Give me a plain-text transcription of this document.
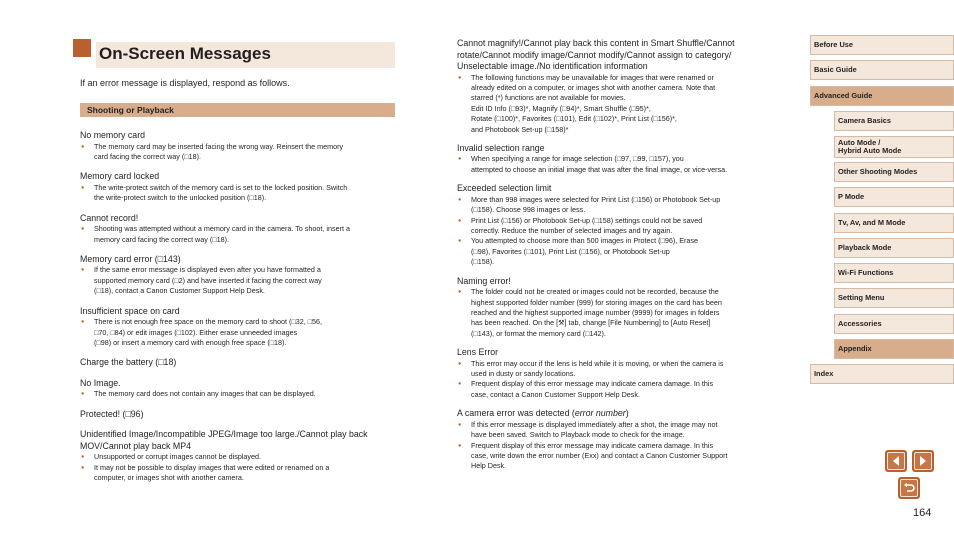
On-Screen Messages
If an error message is displayed, respond as follows.
Shooting or Playback
No memory card
● The memory card may be inserted facing the wrong way. Reinsert the memory
card facing the correct way (□18).
Memory card locked
● The write-protect switch of the memory card is set to the locked position. Switch
the write-protect switch to the unlocked position (□18).
Cannot record!
● Shooting was attempted without a memory card in the camera. To shoot, insert a
memory card facing the correct way (□18).
Memory card error (□143)
● If the same error message is displayed even after you have formatted a
supported memory card (□2) and have inserted it facing the correct way
(□18), contact a Canon Customer Support Help Desk.
Insufficient space on card
● There is not enough free space on the memory card to shoot (□32, □56,
□70, □84) or edit images (□102). Either erase unneeded images
(□98) or insert a memory card with enough free space (□18).
Charge the battery (□18)
No Image.
● The memory card does not contain any images that can be displayed.
Protected! (□96)
Unidentified Image/Incompatible JPEG/Image too large./Cannot play back
MOV/Cannot play back MP4
● Unsupported or corrupt images cannot be displayed.
● It may not be possible to display images that were edited or renamed on a
computer, or images shot with another camera.
Cannot magnify!/Cannot play back this content in Smart Shuffle/Cannot
rotate/Cannot modify image/Cannot modify/Cannot assign to category/
Unselectable image./No identification information
● The following functions may be unavailable for images that were renamed or
already edited on a computer, or images shot with another camera. Note that
starred (*) functions are not available for movies.
Edit ID Info (□93)*, Magnify (□94)*, Smart Shuffle (□95)*,
Rotate (□100)*, Favorites (□101), Edit (□102)*, Print List (□156)*,
and Photobook Set-up (□158)*
Invalid selection range
● When specifying a range for image selection (□97, □99, □157), you
attempted to choose an initial image that was after the final image, or vice-versa.
Exceeded selection limit
● More than 998 images were selected for Print List (□156) or Photobook Set-up
(□158). Choose 998 images or less.
● Print List (□156) or Photobook Set-up (□158) settings could not be saved
correctly. Reduce the number of selected images and try again.
● You attempted to choose more than 500 images in Protect (□96), Erase
(□98), Favorites (□101), Print List (□156), or Photobook Set-up
(□158).
Naming error!
● The folder could not be created or images could not be recorded, because the
highest supported folder number (999) for storing images on the card has been
reached and the highest supported image number (9999) for images in folders
has been reached. On the [⚒] tab, change [File Numbering] to [Auto Reset]
(□143), or format the memory card (□142).
Lens Error
● This error may occur if the lens is held while it is moving, or when the camera is
used in dusty or sandy locations.
● Frequent display of this error message may indicate camera damage. In this
case, contact a Canon Customer Support Help Desk.
A camera error was detected (error number)
● If this error message is displayed immediately after a shot, the image may not
have been saved. Switch to Playback mode to check for the image.
● Frequent display of this error message may indicate camera damage. In this
case, write down the error number (Exx) and contact a Canon Customer Support
Help Desk.
Before Use
Basic Guide
Advanced Guide
Camera Basics
Auto Mode /
Hybrid Auto Mode
Other Shooting Modes
P Mode
Tv, Av, and M Mode
Playback Mode
Wi-Fi Functions
Setting Menu
Accessories
Appendix
Index
164
